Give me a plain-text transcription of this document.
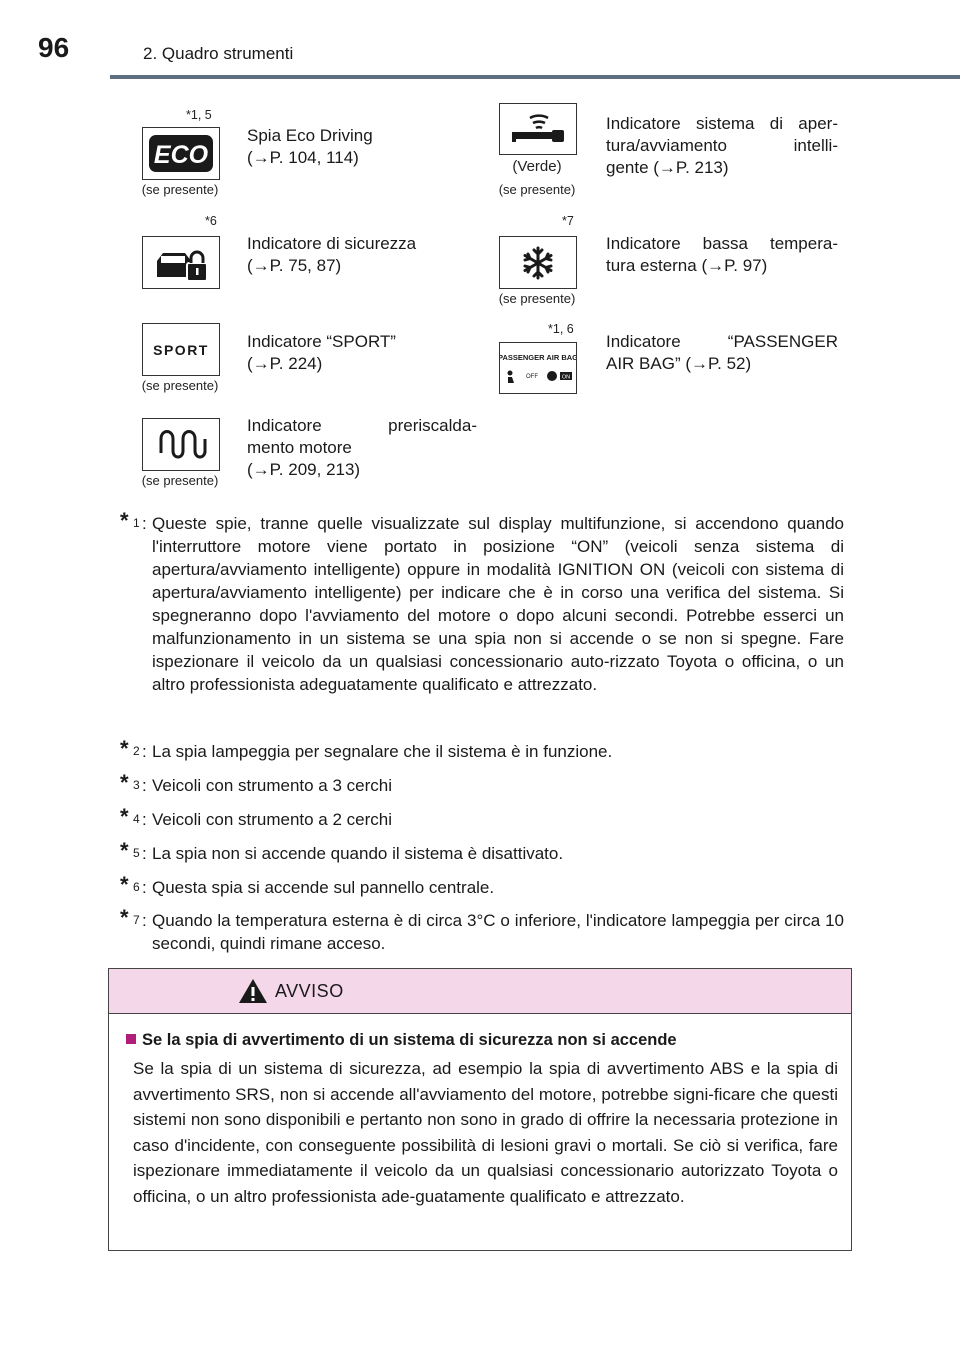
96	2. Quadro strumenti
*1, 5
ECO
(se presente)
Spia Eco Driving
(→P. 104, 114)
*6
Indicatore di sicurezza
(→P. 75, 87)
SPORT
(se presente)
Indicatore “SPORT”
(→P. 224)
(se presente)
Indicatore preriscalda-
mento motore
(→P. 209, 213)
(Verde)
(se presente)
Indicatore sistema di aper-
tura/avviamento intelli-
gente (→P. 213)
*7
(se presente)
Indicatore bassa tempera-
tura esterna (→P. 97)
*1, 6
PASSENGER AIR BAG
OFF	ON
Indicatore “PASSENGER
AIR BAG” (→P. 52)
* 1 : Queste spie, tranne quelle visualizzate sul display multifunzione, si accendono quando l'interruttore motore viene portato in posizione “ON” (veicoli senza sistema di apertura/avviamento intelligente) oppure in modalità IGNITION ON (veicoli con sistema di apertura/avviamento intelligente) per indicare che è in corso una verifica del sistema. Si spegneranno dopo l'avviamento del motore o dopo alcuni secondi. Potrebbe esserci un malfunzionamento in un sistema se una spia non si accende o se non si spegne. Fare ispezionare il veicolo da un qualsiasi concessionario auto-rizzato Toyota o officina, o un altro professionista adeguatamente qualificato e attrezzato.
* 2 : La spia lampeggia per segnalare che il sistema è in funzione.
* 3 : Veicoli con strumento a 3 cerchi
* 4 : Veicoli con strumento a 2 cerchi
* 5 : La spia non si accende quando il sistema è disattivato.
* 6 : Questa spia si accende sul pannello centrale.
* 7 : Quando la temperatura esterna è di circa 3°C o inferiore, l'indicatore lampeggia per circa 10 secondi, quindi rimane acceso.
AVVISO
Se la spia di avvertimento di un sistema di sicurezza non si accende
Se la spia di un sistema di sicurezza, ad esempio la spia di avvertimento ABS e la spia di avvertimento SRS, non si accende all'avviamento del motore, potrebbe signi-ficare che questi sistemi non sono disponibili e pertanto non sono in grado di offrire la necessaria protezione in caso d'incidente, con conseguente possibilità di lesioni gravi o mortali. Se ciò si verifica, fare ispezionare immediatamente il veicolo da un qualsiasi concessionario autorizzato Toyota o officina, o un altro professionista ade-guatamente qualificato e attrezzato.
